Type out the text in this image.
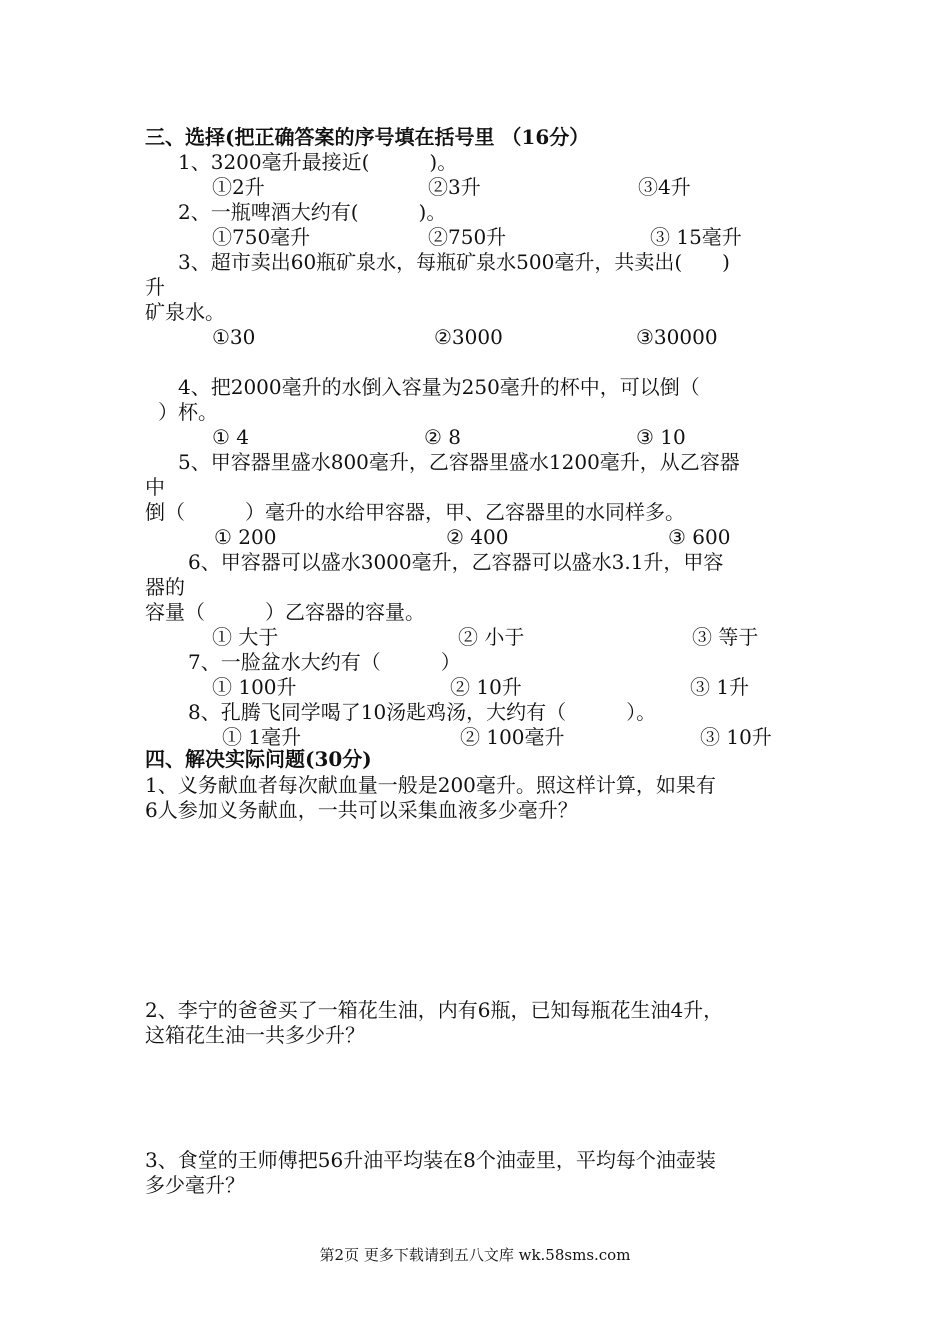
三、选择(把正确答案的序号填在括号里 （16分）
1、3200毫升最接近(　　　)。
①2升	②3升	③4升
2、一瓶啤酒大约有(　　　)。
①750毫升	②750升	③ 15毫升
3、超市卖出60瓶矿泉水，每瓶矿泉水500毫升，共卖出(　　)
升
矿泉水。
①30	②3000	③30000
4、把2000毫升的水倒入容量为250毫升的杯中，可以倒（
）杯。
① 4	② 8	③ 10
5、甲容器里盛水800毫升，乙容器里盛水1200毫升，从乙容器
中
倒（　　　）毫升的水给甲容器，甲、乙容器里的水同样多。
① 200	② 400	③ 600
6、甲容器可以盛水3000毫升，乙容器可以盛水3.1升，甲容
器的
容量（　　　）乙容器的容量。
① 大于	② 小于	③ 等于
7、一脸盆水大约有（　　　）
① 100升	② 10升	③ 1升
8、孔腾飞同学喝了10汤匙鸡汤，大约有（　　　）。
① 1毫升	② 100毫升	③ 10升
四、解决实际问题(30分)
1、义务献血者每次献血量一般是200毫升。照这样计算，如果有
6人参加义务献血，一共可以采集血液多少毫升？
2、李宁的爸爸买了一箱花生油，内有6瓶，已知每瓶花生油4升，
这箱花生油一共多少升？
3、食堂的王师傅把56升油平均装在8个油壶里，平均每个油壶装
多少毫升？
第2页 更多下载请到五八文库 wk.58sms.com
